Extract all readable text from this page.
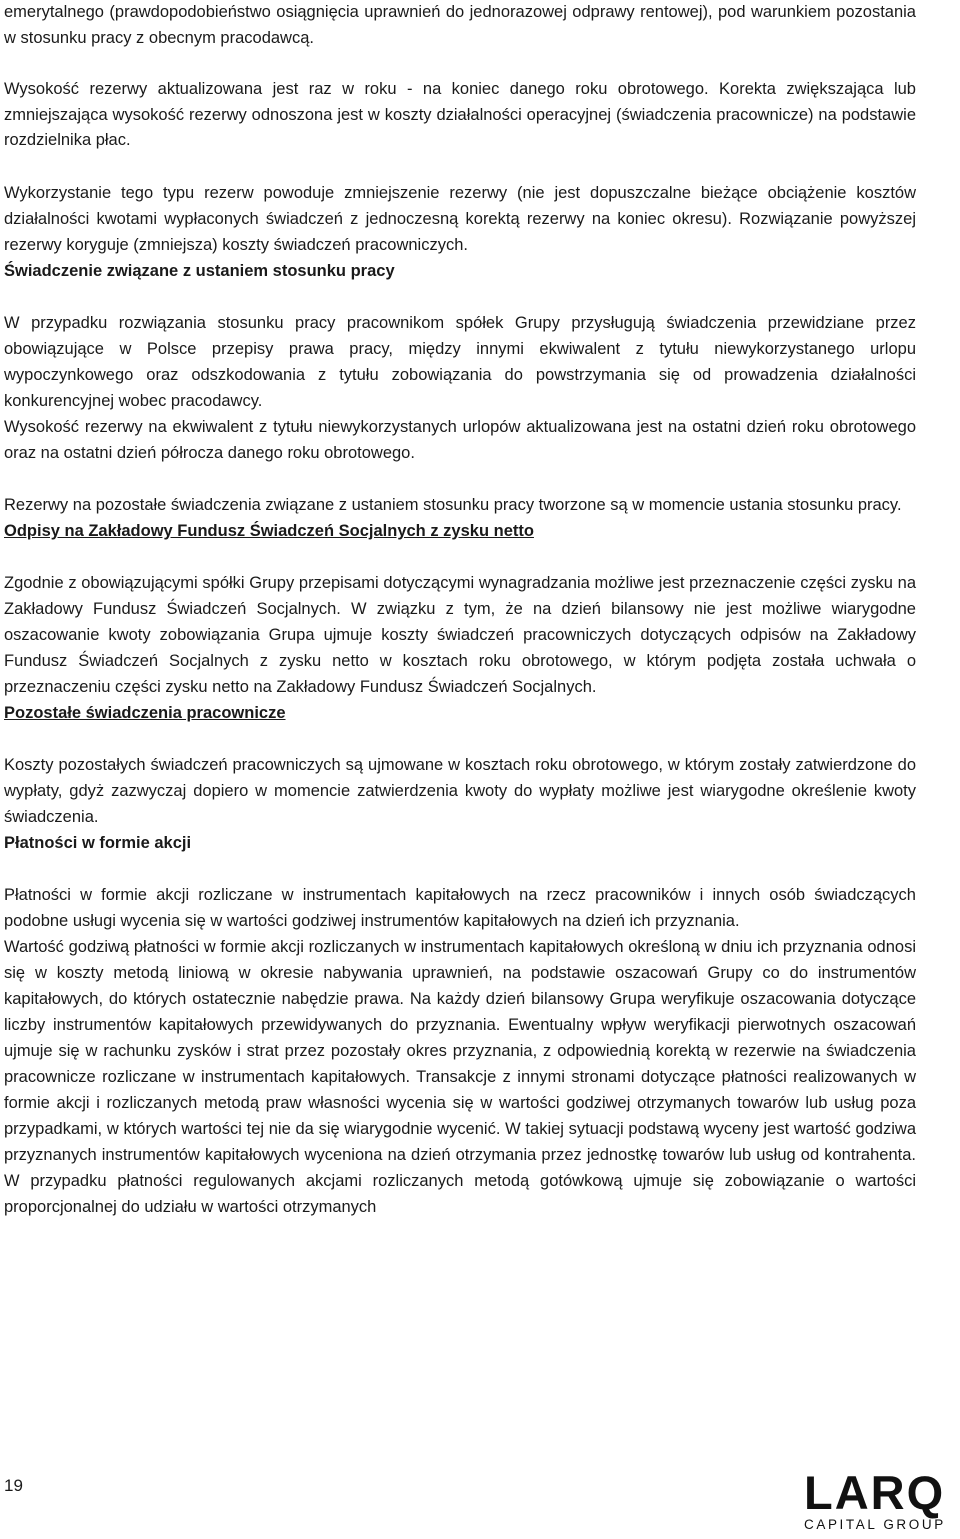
emerytalnego (prawdopodobieństwo osiągnięcia uprawnień do jednorazowej odprawy rentowej), pod warunkiem pozostania w stosunku pracy z obecnym pracodawcą.

Wysokość rezerwy aktualizowana jest raz w roku - na koniec danego roku obrotowego. Korekta zwiększająca lub zmniejszająca wysokość rezerwy odnoszona jest w koszty działalności operacyjnej (świadczenia pracownicze) na podstawie rozdzielnika płac.

Wykorzystanie tego typu rezerw powoduje zmniejszenie rezerwy (nie jest dopuszczalne bieżące obciążenie kosztów działalności kwotami wypłaconych świadczeń z jednoczesną korektą rezerwy na koniec okresu). Rozwiązanie powyższej rezerwy koryguje (zmniejsza) koszty świadczeń pracowniczych.

Świadczenie związane z ustaniem stosunku pracy

W przypadku rozwiązania stosunku pracy pracownikom spółek Grupy przysługują świadczenia przewidziane przez obowiązujące w Polsce przepisy prawa pracy, między innymi ekwiwalent z tytułu niewykorzystanego urlopu wypoczynkowego oraz odszkodowania z tytułu zobowiązania do powstrzymania się od prowadzenia działalności konkurencyjnej wobec pracodawcy.

Wysokość rezerwy na ekwiwalent z tytułu niewykorzystanych urlopów aktualizowana jest na ostatni dzień roku obrotowego oraz na ostatni dzień półrocza danego roku obrotowego.

Rezerwy na pozostałe świadczenia związane z ustaniem stosunku pracy tworzone są w momencie ustania stosunku pracy.

Odpisy na Zakładowy Fundusz Świadczeń Socjalnych z zysku netto

Zgodnie z obowiązującymi spółki Grupy przepisami dotyczącymi wynagradzania możliwe jest przeznaczenie części zysku na Zakładowy Fundusz Świadczeń Socjalnych. W związku z tym, że na dzień bilansowy nie jest możliwe wiarygodne oszacowanie kwoty zobowiązania Grupa ujmuje koszty świadczeń pracowniczych dotyczących odpisów na Zakładowy Fundusz Świadczeń Socjalnych z zysku netto w kosztach roku obrotowego, w którym podjęta została uchwała o przeznaczeniu części zysku netto na Zakładowy Fundusz Świadczeń Socjalnych.

Pozostałe świadczenia pracownicze

Koszty pozostałych świadczeń pracowniczych są ujmowane w kosztach roku obrotowego, w którym zostały zatwierdzone do wypłaty, gdyż zazwyczaj dopiero w momencie zatwierdzenia kwoty do wypłaty możliwe jest wiarygodne określenie kwoty świadczenia.

Płatności w formie akcji

Płatności w formie akcji rozliczane w instrumentach kapitałowych na rzecz pracowników i innych osób świadczących podobne usługi wycenia się w wartości godziwej instrumentów kapitałowych na dzień ich przyznania.

Wartość godziwą płatności w formie akcji rozliczanych w instrumentach kapitałowych określoną w dniu ich przyznania odnosi się w koszty metodą liniową w okresie nabywania uprawnień, na podstawie oszacowań Grupy co do instrumentów kapitałowych, do których ostatecznie nabędzie prawa. Na każdy dzień bilansowy Grupa weryfikuje oszacowania dotyczące liczby instrumentów kapitałowych przewidywanych do przyznania. Ewentualny wpływ weryfikacji pierwotnych oszacowań ujmuje się w rachunku zysków i strat przez pozostały okres przyznania, z odpowiednią korektą w rezerwie na świadczenia pracownicze rozliczane w instrumentach kapitałowych. Transakcje z innymi stronami dotyczące płatności realizowanych w formie akcji i rozliczanych metodą praw własności wycenia się w wartości godziwej otrzymanych towarów lub usług poza przypadkami, w których wartości tej nie da się wiarygodnie wycenić. W takiej sytuacji podstawą wyceny jest wartość godziwa przyznanych instrumentów kapitałowych wyceniona na dzień otrzymania przez jednostkę towarów lub usług od kontrahenta. W przypadku płatności regulowanych akcjami rozliczanych metodą gotówkową ujmuje się zobowiązanie o wartości proporcjonalnej do udziału w wartości otrzymanych

19	LARQ
CAPITAL GROUP
